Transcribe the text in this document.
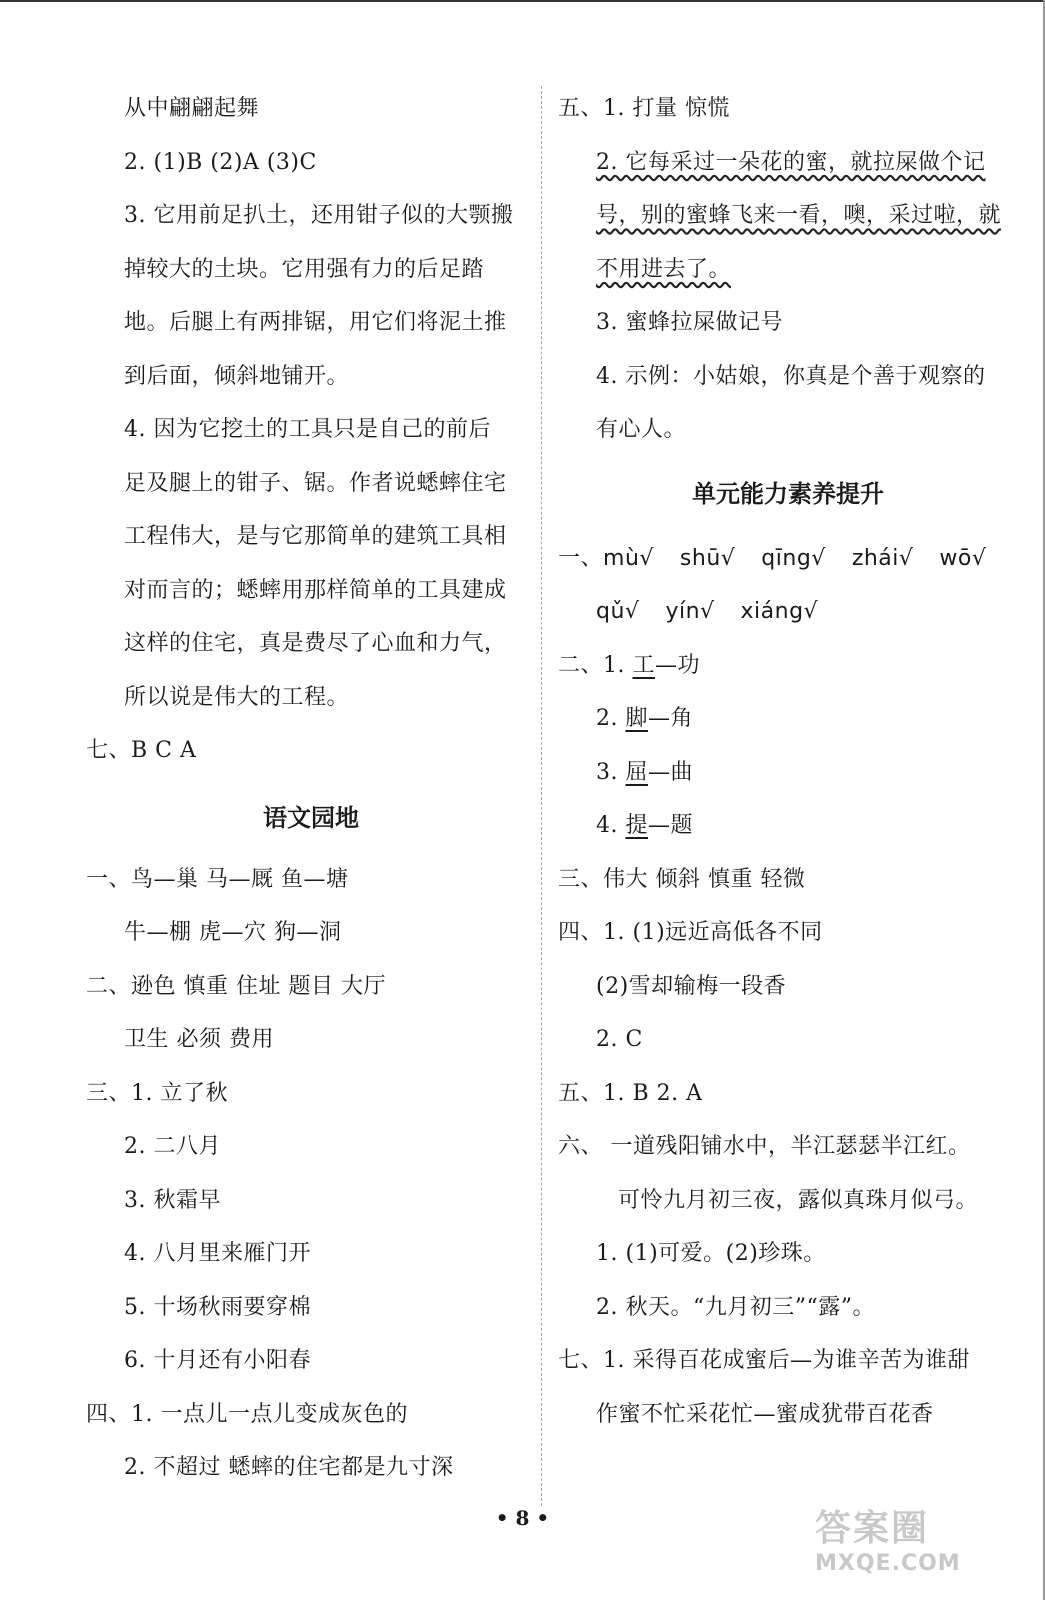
从中翩翩起舞
2. (1)B (2)A (3)C
3. 它用前足扒土，还用钳子似的大颚搬
掉较大的土块。它用强有力的后足踏
地。后腿上有两排锯，用它们将泥土推
到后面，倾斜地铺开。
4. 因为它挖土的工具只是自己的前后
足及腿上的钳子、锯。作者说蟋蟀住宅
工程伟大，是与它那简单的建筑工具相
对而言的；蟋蟀用那样简单的工具建成
这样的住宅，真是费尽了心血和力气，
所以说是伟大的工程。
七、B C A
语文园地
一、鸟—巢 马—厩 鱼—塘
牛—棚 虎—穴 狗—洞
二、逊色 慎重 住址 题目 大厅
卫生 必须 费用
三、1. 立了秋
2. 二八月
3. 秋霜早
4. 八月里来雁门开
5. 十场秋雨要穿棉
6. 十月还有小阳春
四、1. 一点儿一点儿变成灰色的
2. 不超过 蟋蟀的住宅都是九寸深
五、1. 打量 惊慌
2. 它每采过一朵花的蜜，就拉屎做个记
号，别的蜜蜂飞来一看，噢，采过啦，就
不用进去了。
3. 蜜蜂拉屎做记号
4. 示例：小姑娘，你真是个善于观察的
有心人。
单元能力素养提升
一、mù√ shū√ qīng√ zhái√ wō√
qǔ√ yín√ xiáng√
二、1. 工—功
2. 脚—角
3. 屈—曲
4. 提—题
三、伟大 倾斜 慎重 轻微
四、1. (1)远近高低各不同
(2)雪却输梅一段香
2. C
五、1. B 2. A
六、 一道残阳铺水中，半江瑟瑟半江红。
可怜九月初三夜，露似真珠月似弓。
1. (1)可爱。(2)珍珠。
2. 秋天。“九月初三”“露”。
七、1. 采得百花成蜜后—为谁辛苦为谁甜
作蜜不忙采花忙—蜜成犹带百花香
• 8 •	答案圈
MXQE.COM
